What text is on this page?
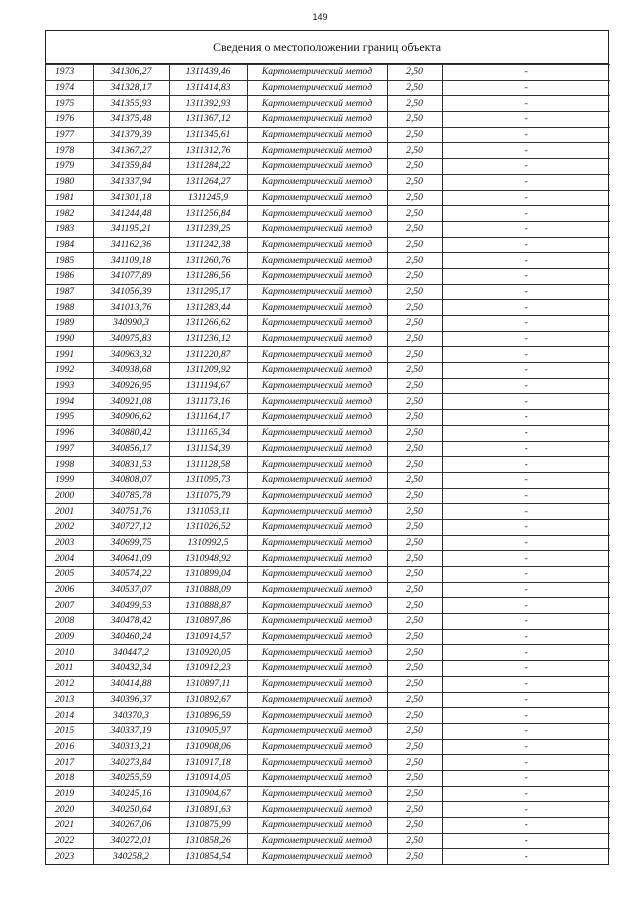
149
Сведения о местоположении границ объекта
1973	341306,27	1311439,46	Картометрический метод	2,50	-
1974	341328,17	1311414,83	Картометрический метод	2,50	-
1975	341355,93	1311392,93	Картометрический метод	2,50	-
1976	341375,48	1311367,12	Картометрический метод	2,50	-
1977	341379,39	1311345,61	Картометрический метод	2,50	-
1978	341367,27	1311312,76	Картометрический метод	2,50	-
1979	341359,84	1311284,22	Картометрический метод	2,50	-
1980	341337,94	1311264,27	Картометрический метод	2,50	-
1981	341301,18	1311245,9	Картометрический метод	2,50	-
1982	341244,48	1311256,84	Картометрический метод	2,50	-
1983	341195,21	1311239,25	Картометрический метод	2,50	-
1984	341162,36	1311242,38	Картометрический метод	2,50	-
1985	341109,18	1311260,76	Картометрический метод	2,50	-
1986	341077,89	1311286,56	Картометрический метод	2,50	-
1987	341056,39	1311295,17	Картометрический метод	2,50	-
1988	341013,76	1311283,44	Картометрический метод	2,50	-
1989	340990,3	1311266,62	Картометрический метод	2,50	-
1990	340975,83	1311236,12	Картометрический метод	2,50	-
1991	340963,32	1311220,87	Картометрический метод	2,50	-
1992	340938,68	1311209,92	Картометрический метод	2,50	-
1993	340926,95	1311194,67	Картометрический метод	2,50	-
1994	340921,08	1311173,16	Картометрический метод	2,50	-
1995	340906,62	1311164,17	Картометрический метод	2,50	-
1996	340880,42	1311165,34	Картометрический метод	2,50	-
1997	340856,17	1311154,39	Картометрический метод	2,50	-
1998	340831,53	1311128,58	Картометрический метод	2,50	-
1999	340808,07	1311095,73	Картометрический метод	2,50	-
2000	340785,78	1311075,79	Картометрический метод	2,50	-
2001	340751,76	1311053,11	Картометрический метод	2,50	-
2002	340727,12	1311026,52	Картометрический метод	2,50	-
2003	340699,75	1310992,5	Картометрический метод	2,50	-
2004	340641,09	1310948,92	Картометрический метод	2,50	-
2005	340574,22	1310899,04	Картометрический метод	2,50	-
2006	340537,07	1310888,09	Картометрический метод	2,50	-
2007	340499,53	1310888,87	Картометрический метод	2,50	-
2008	340478,42	1310897,86	Картометрический метод	2,50	-
2009	340460,24	1310914,57	Картометрический метод	2,50	-
2010	340447,2	1310920,05	Картометрический метод	2,50	-
2011	340432,34	1310912,23	Картометрический метод	2,50	-
2012	340414,88	1310897,11	Картометрический метод	2,50	-
2013	340396,37	1310892,67	Картометрический метод	2,50	-
2014	340370,3	1310896,59	Картометрический метод	2,50	-
2015	340337,19	1310905,97	Картометрический метод	2,50	-
2016	340313,21	1310908,06	Картометрический метод	2,50	-
2017	340273,84	1310917,18	Картометрический метод	2,50	-
2018	340255,59	1310914,05	Картометрический метод	2,50	-
2019	340245,16	1310904,67	Картометрический метод	2,50	-
2020	340250,64	1310891,63	Картометрический метод	2,50	-
2021	340267,06	1310875,99	Картометрический метод	2,50	-
2022	340272,01	1310858,26	Картометрический метод	2,50	-
2023	340258,2	1310854,54	Картометрический метод	2,50	-
